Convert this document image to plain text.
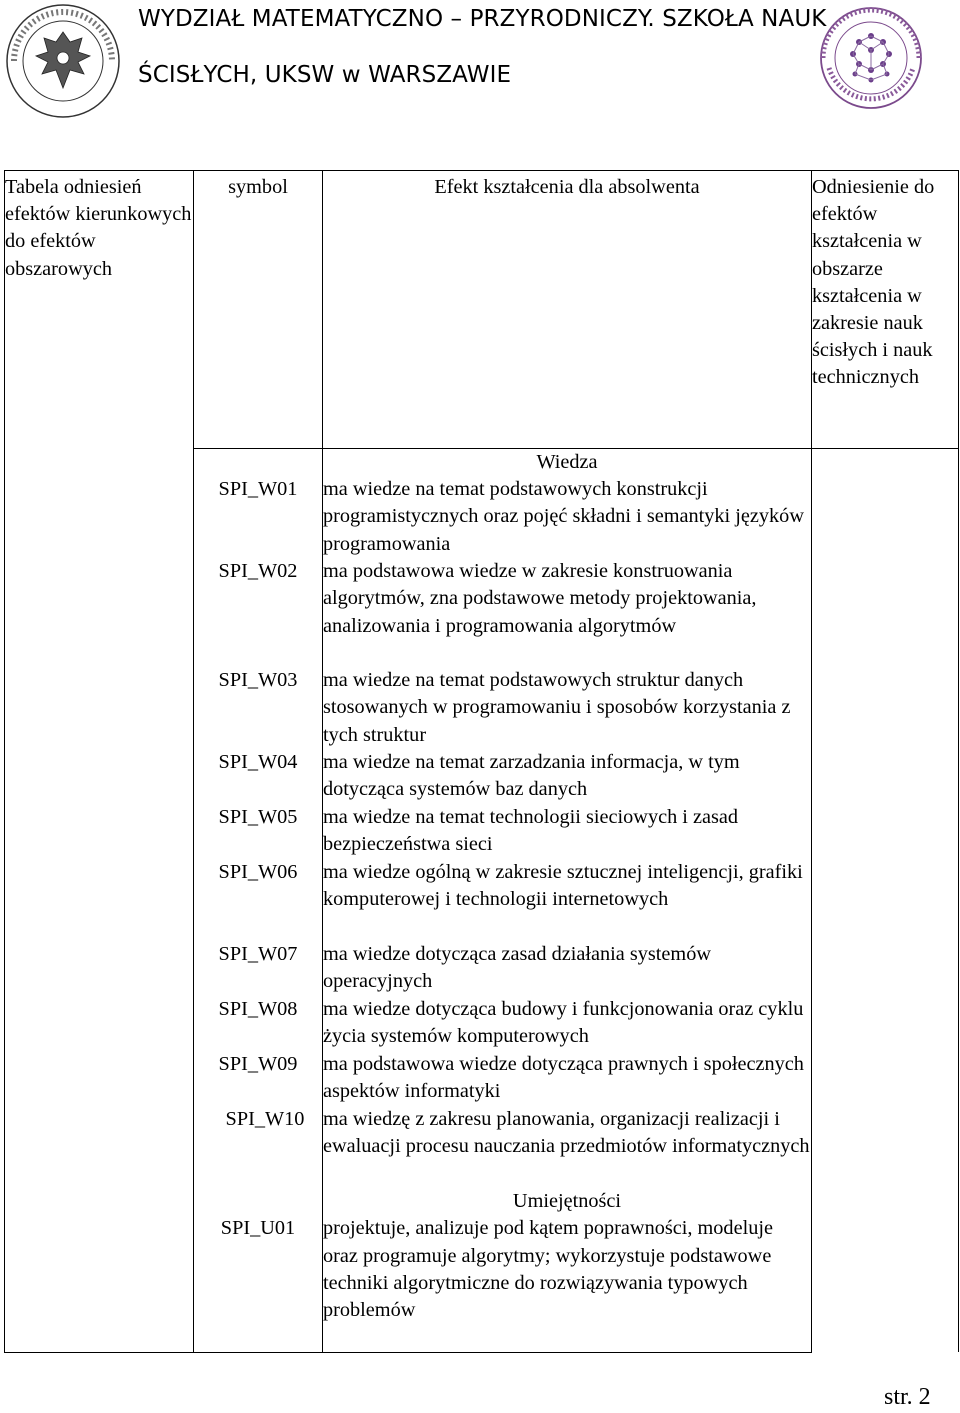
WYDZIAŁ MATEMATYCZNO – PRZYRODNICZY. SZKOŁA NAUK
ŚCISŁYCH, UKSW w WARSZAWIE
Tabela odniesień efektów kierunkowych do efektów obszarowych	symbol	Efekt kształcenia dla absolwenta	Odniesienie do efektów kształcenia w obszarze kształcenia w zakresie nauk ścisłych i nauk technicznych
		Wiedza	
	SPI_W01	ma wiedze na temat podstawowych konstrukcji programistycznych oraz pojęć składni i semantyki języków programowania	
	SPI_W02	ma podstawowa wiedze w zakresie konstruowania algorytmów, zna podstawowe metody projektowania, analizowania i programowania algorytmów	
	SPI_W03	ma wiedze na temat podstawowych struktur danych stosowanych w programowaniu i sposobów korzystania z tych struktur	
	SPI_W04	ma wiedze na temat zarzadzania informacja, w tym dotycząca systemów baz danych	
	SPI_W05	ma wiedze na temat technologii sieciowych i zasad bezpieczeństwa sieci	
	SPI_W06	ma wiedze ogólną w zakresie sztucznej inteligencji, grafiki komputerowej i technologii internetowych	
	SPI_W07	ma wiedze dotycząca zasad działania systemów operacyjnych	
	SPI_W08	ma wiedze dotycząca budowy i funkcjonowania oraz cyklu życia systemów komputerowych	
	SPI_W09	ma podstawowa wiedze dotycząca prawnych i społecznych aspektów informatyki	
	SPI_W10	ma wiedzę z zakresu planowania, organizacji realizacji i ewaluacji procesu nauczania przedmiotów informatycznych	
		Umiejętności	
	SPI_U01	projektuje, analizuje pod kątem poprawności, modeluje oraz programuje algorytmy; wykorzystuje podstawowe techniki algorytmiczne do rozwiązywania typowych problemów	

str. 2
